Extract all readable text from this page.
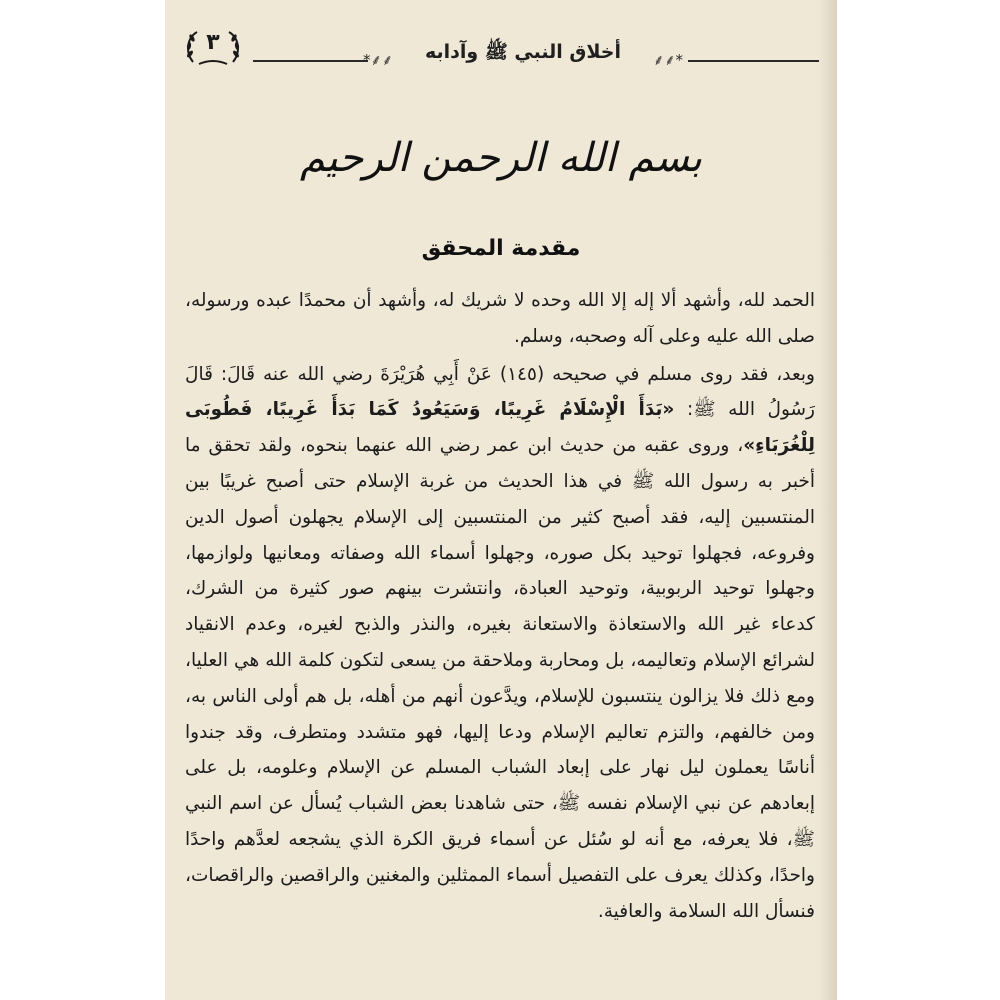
٣
*⸙⸙	أخلاق النبي ﷺ وآدابه	⸙⸙*
بسم الله الرحمن الرحيم
مقدمة المحقق

الحمد لله، وأشهد ألا إله إلا الله وحده لا شريك له، وأشهد أن محمدًا عبده ورسوله، صلى الله عليه وعلى آله وصحبه، وسلم.

وبعد، فقد روى مسلم في صحيحه (١٤٥) عَنْ أَبِي هُرَيْرَةَ رضي الله عنه قَالَ: قَالَ رَسُولُ الله ﷺ: «بَدَأَ الْإِسْلَامُ غَرِيبًا، وَسَيَعُودُ كَمَا بَدَأَ غَرِيبًا، فَطُوبَى لِلْغُرَبَاءِ»، وروى عقبه من حديث ابن عمر رضي الله عنهما بنحوه، ولقد تحقق ما أخبر به رسول الله ﷺ في هذا الحديث من غربة الإسلام حتى أصبح غريبًا بين المنتسبين إليه، فقد أصبح كثير من المنتسبين إلى الإسلام يجهلون أصول الدين وفروعه، فجهلوا توحيد بكل صوره، وجهلوا أسماء الله وصفاته ومعانيها ولوازمها، وجهلوا توحيد الربوبية، وتوحيد العبادة، وانتشرت بينهم صور كثيرة من الشرك، كدعاء غير الله والاستعاذة والاستعانة بغيره، والنذر والذبح لغيره، وعدم الانقياد لشرائع الإسلام وتعاليمه، بل ومحاربة وملاحقة من يسعى لتكون كلمة الله هي العليا، ومع ذلك فلا يزالون ينتسبون للإسلام، ويدَّعون أنهم من أهله، بل هم أولى الناس به، ومن خالفهم، والتزم تعاليم الإسلام ودعا إليها، فهو متشدد ومتطرف، وقد جندوا أناسًا يعملون ليل نهار على إبعاد الشباب المسلم عن الإسلام وعلومه، بل على إبعادهم عن نبي الإسلام نفسه ﷺ، حتى شاهدنا بعض الشباب يُسأل عن اسم النبي ﷺ، فلا يعرفه، مع أنه لو سُئل عن أسماء فريق الكرة الذي يشجعه لعدَّهم واحدًا واحدًا، وكذلك يعرف على التفصيل أسماء الممثلين والمغنين والراقصين والراقصات، فنسأل الله السلامة والعافية.
